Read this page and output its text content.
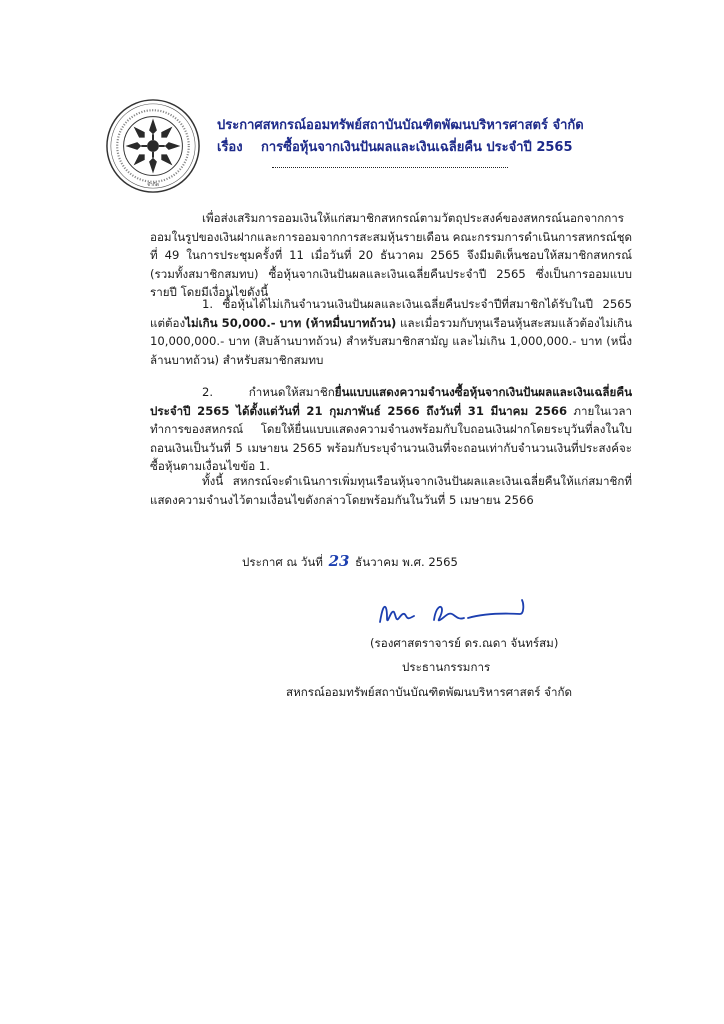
จำกัด
ประกาศสหกรณ์ออมทรัพย์สถาบันบัณฑิตพัฒนบริหารศาสตร์ จำกัด
เรื่อง การซื้อหุ้นจากเงินปันผลและเงินเฉลี่ยคืน ประจำปี 2565
เพื่อส่งเสริมการออมเงินให้แก่สมาชิกสหกรณ์ตามวัตถุประสงค์ของสหกรณ์นอกจากการออมในรูปของเงินฝากและการออมจากการสะสมหุ้นรายเดือน คณะกรรมการดำเนินการสหกรณ์ชุดที่ 49 ในการประชุมครั้งที่ 11 เมื่อวันที่ 20 ธันวาคม 2565 จึงมีมติเห็นชอบให้สมาชิกสหกรณ์ (รวมทั้งสมาชิกสมทบ) ซื้อหุ้นจากเงินปันผลและเงินเฉลี่ยคืนประจำปี 2565 ซึ่งเป็นการออมแบบรายปี โดยมีเงื่อนไขดังนี้
1. ซื้อหุ้นได้ไม่เกินจำนวนเงินปันผลและเงินเฉลี่ยคืนประจำปีที่สมาชิกได้รับในปี 2565 แต่ต้องไม่เกิน 50,000.- บาท (ห้าหมื่นบาทถ้วน) และเมื่อรวมกับทุนเรือนหุ้นสะสมแล้วต้องไม่เกิน 10,000,000.- บาท (สิบล้านบาทถ้วน) สำหรับสมาชิกสามัญ และไม่เกิน 1,000,000.- บาท (หนึ่งล้านบาทถ้วน) สำหรับสมาชิกสมทบ
2. กำหนดให้สมาชิกยื่นแบบแสดงความจำนงซื้อหุ้นจากเงินปันผลและเงินเฉลี่ยคืนประจำปี 2565 ได้ตั้งแต่วันที่ 21 กุมภาพันธ์ 2566 ถึงวันที่ 31 มีนาคม 2566 ภายในเวลาทำการของสหกรณ์ โดยให้ยื่นแบบแสดงความจำนงพร้อมกับใบถอนเงินฝากโดยระบุวันที่ลงในใบถอนเงินเป็นวันที่ 5 เมษายน 2565 พร้อมกับระบุจำนวนเงินที่จะถอนเท่ากับจำนวนเงินที่ประสงค์จะซื้อหุ้นตามเงื่อนไขข้อ 1.
ทั้งนี้ สหกรณ์จะดำเนินการเพิ่มทุนเรือนหุ้นจากเงินปันผลและเงินเฉลี่ยคืนให้แก่สมาชิกที่แสดงความจำนงไว้ตามเงื่อนไขดังกล่าวโดยพร้อมกันในวันที่ 5 เมษายน 2566
ประกาศ ณ วันที่ 23 ธันวาคม พ.ศ. 2565
(รองศาสตราจารย์ ดร.ณดา จันทร์สม)
ประธานกรรมการ
สหกรณ์ออมทรัพย์สถาบันบัณฑิตพัฒนบริหารศาสตร์ จำกัด
